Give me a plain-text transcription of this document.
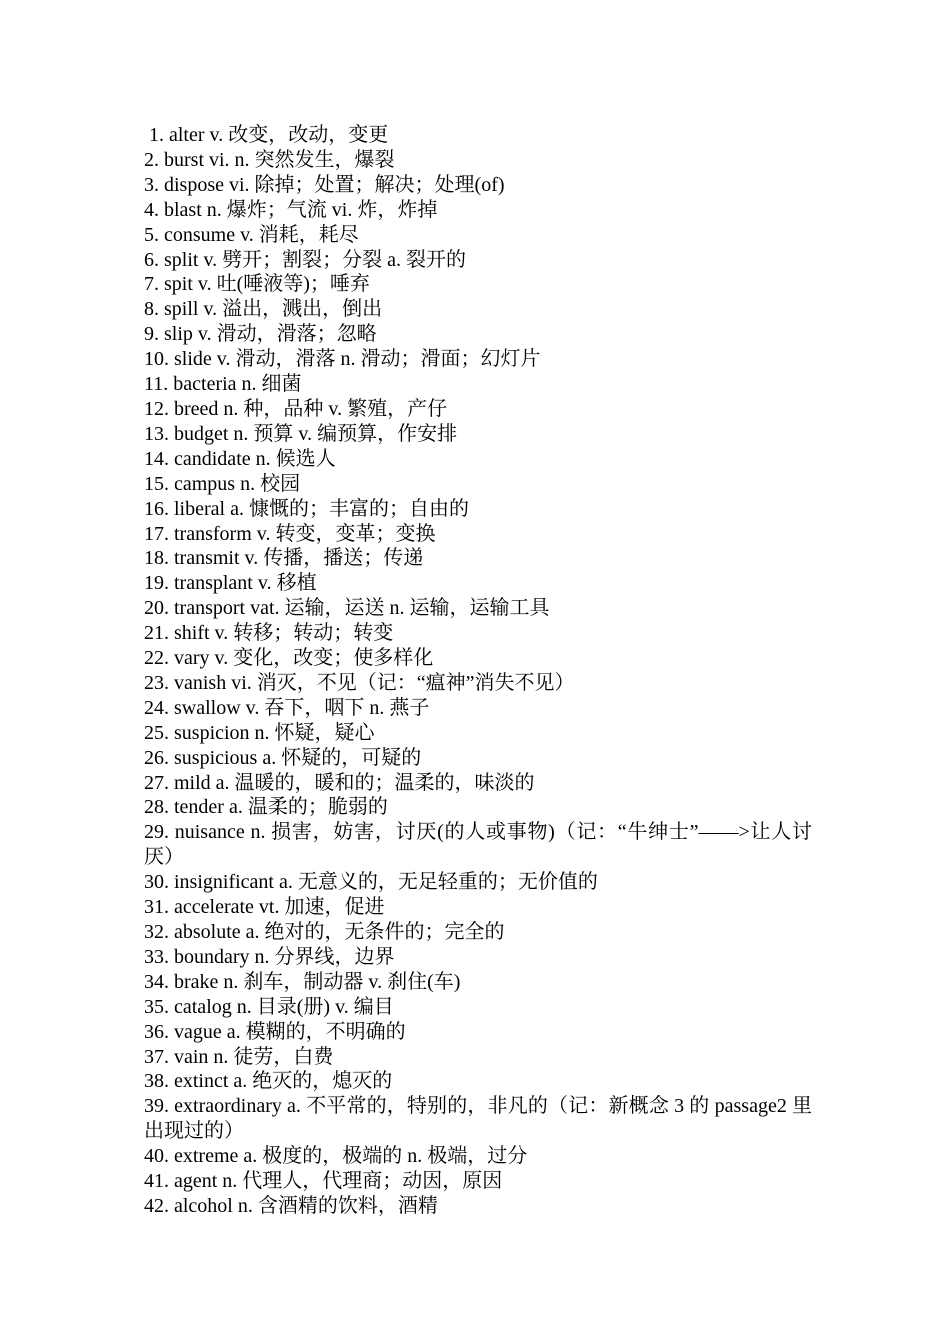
1. alter v. 改变，改动，变更
2. burst vi. n. 突然发生，爆裂
3. dispose vi. 除掉；处置；解决；处理(of)
4. blast n. 爆炸；气流 vi. 炸，炸掉
5. consume v. 消耗，耗尽
6. split v. 劈开；割裂；分裂 a. 裂开的
7. spit v. 吐(唾液等)；唾弃
8. spill v. 溢出，溅出，倒出
9. slip v. 滑动，滑落；忽略
10. slide v. 滑动，滑落 n. 滑动；滑面；幻灯片
11. bacteria n. 细菌
12. breed n. 种，品种 v. 繁殖，产仔
13. budget n. 预算 v. 编预算，作安排
14. candidate n. 候选人
15. campus n. 校园
16. liberal a. 慷慨的；丰富的；自由的
17. transform v. 转变，变革；变换
18. transmit v. 传播，播送；传递
19. transplant v. 移植
20. transport vat. 运输，运送 n. 运输，运输工具
21. shift v. 转移；转动；转变
22. vary v. 变化，改变；使多样化
23. vanish vi. 消灭，不见（记：“瘟神”消失不见）
24. swallow v. 吞下，咽下 n. 燕子
25. suspicion n. 怀疑，疑心
26. suspicious a. 怀疑的，可疑的
27. mild a. 温暖的，暖和的；温柔的，味淡的
28. tender a. 温柔的；脆弱的
29. nuisance n. 损害，妨害，讨厌(的人或事物)（记：“牛绅士”——>让人讨厌）
30. insignificant a. 无意义的，无足轻重的；无价值的
31. accelerate vt. 加速，促进
32. absolute a. 绝对的，无条件的；完全的
33. boundary n. 分界线，边界
34. brake n. 刹车，制动器 v. 刹住(车)
35. catalog n. 目录(册) v. 编目
36. vague a. 模糊的，不明确的
37. vain n. 徒劳，白费
38. extinct a. 绝灭的，熄灭的
39. extraordinary a. 不平常的，特别的，非凡的（记：新概念 3 的 passage2 里出现过的）
40. extreme a. 极度的，极端的 n. 极端，过分
41. agent n. 代理人，代理商；动因，原因
42. alcohol n. 含酒精的饮料，酒精
